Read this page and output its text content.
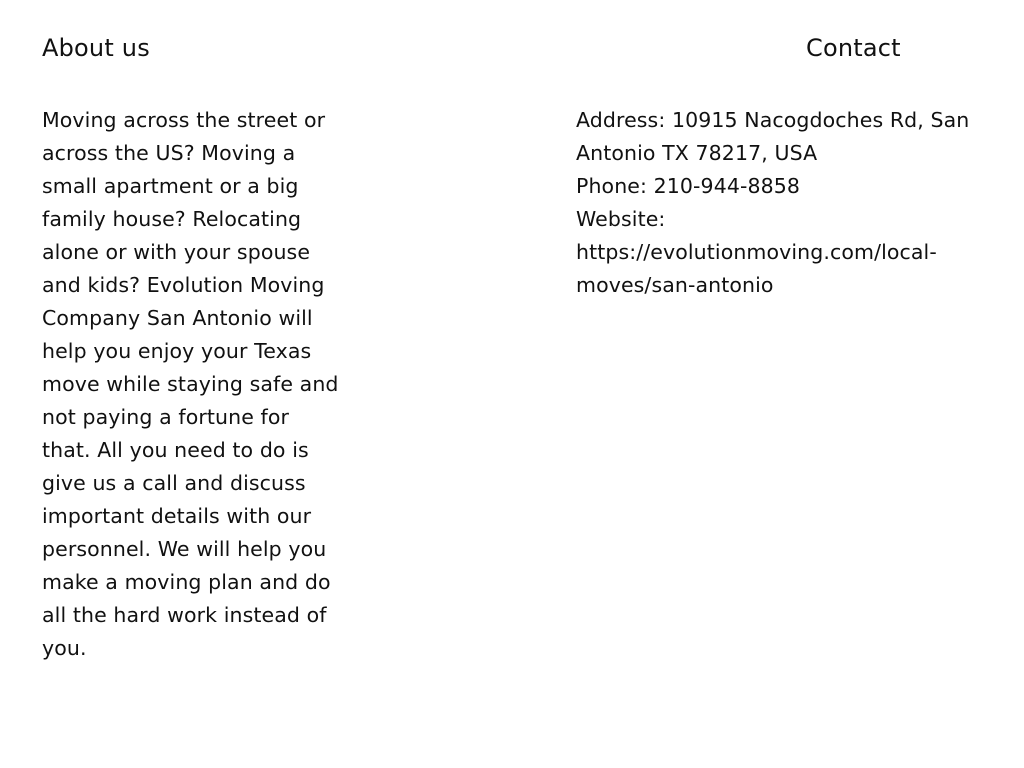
About us	Contact
Moving across the street or
across the US? Moving a
small apartment or a big
family house? Relocating
alone or with your spouse
and kids? Evolution Moving
Company San Antonio will
help you enjoy your Texas
move while staying safe and
not paying a fortune for
that. All you need to do is
give us a call and discuss
important details with our
personnel. We will help you
make a moving plan and do
all the hard work instead of
you.
Address: 10915 Nacogdoches Rd, San
Antonio TX 78217, USA
Phone: 210-944-8858
Website:
https://evolutionmoving.com/local-
moves/san-antonio
